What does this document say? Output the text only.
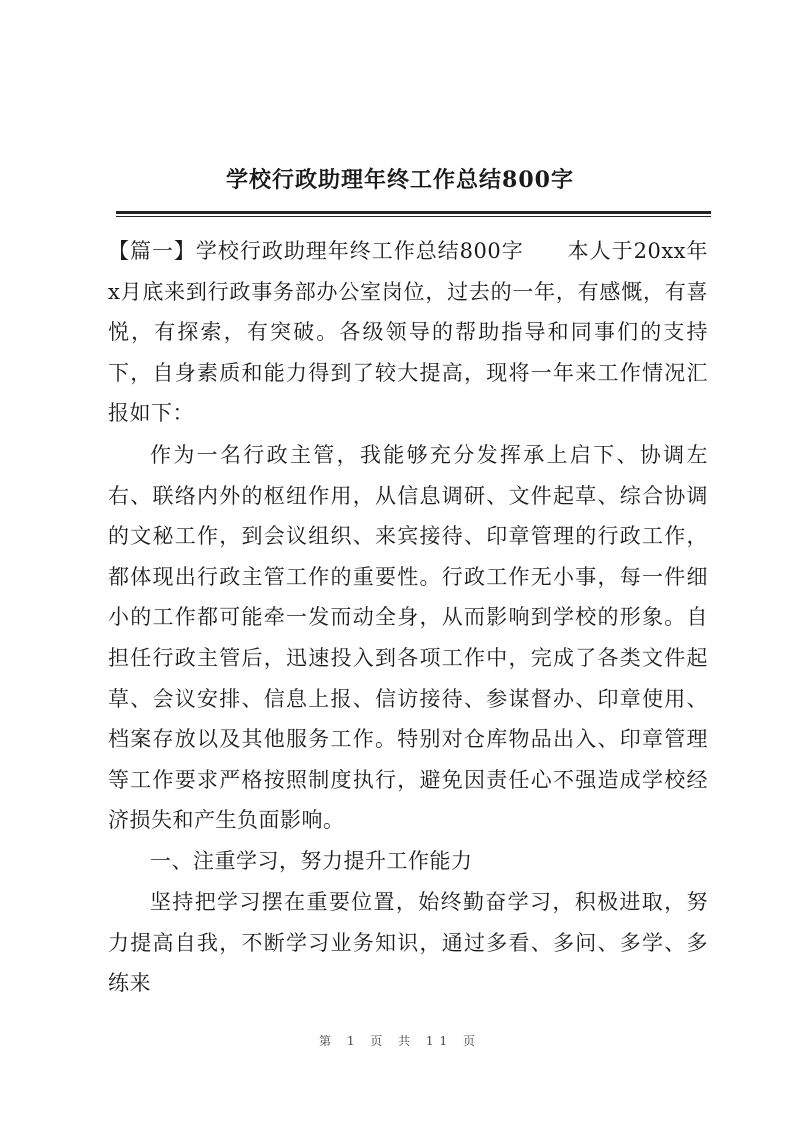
学校行政助理年终工作总结800字

【篇一】学校行政助理年终工作总结800字　　本人于20xx年x月底来到行政事务部办公室岗位，过去的一年，有感慨，有喜悦，有探索，有突破。各级领导的帮助指导和同事们的支持下，自身素质和能力得到了较大提高，现将一年来工作情况汇报如下：

作为一名行政主管，我能够充分发挥承上启下、协调左右、联络内外的枢纽作用，从信息调研、文件起草、综合协调的文秘工作，到会议组织、来宾接待、印章管理的行政工作，都体现出行政主管工作的重要性。行政工作无小事，每一件细小的工作都可能牵一发而动全身，从而影响到学校的形象。自担任行政主管后，迅速投入到各项工作中，完成了各类文件起草、会议安排、信息上报、信访接待、参谋督办、印章使用、档案存放以及其他服务工作。特别对仓库物品出入、印章管理等工作要求严格按照制度执行，避免因责任心不强造成学校经济损失和产生负面影响。

一、注重学习，努力提升工作能力

坚持把学习摆在重要位置，始终勤奋学习，积极进取，努力提高自我，不断学习业务知识，通过多看、多问、多学、多练来

第 1 页 共 11 页
